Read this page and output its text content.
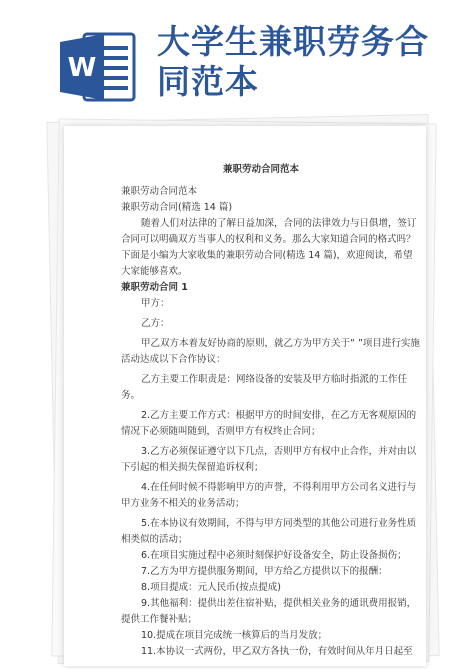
W
大学生兼职劳务合
同范本
兼职劳动合同范本

兼职劳动合同范本

兼职劳动合同(精选 14 篇)

随着人们对法律的了解日益加深，合同的法律效力与日俱增，签订合同可以明确双方当事人的权利和义务。那么大家知道合同的格式吗？下面是小编为大家收集的兼职劳动合同(精选 14 篇)，欢迎阅读，希望大家能够喜欢。

兼职劳动合同 1

甲方：

乙方：

甲乙双方本着友好协商的原则，就乙方为甲方关于“ ”项目进行实施活动达成以下合作协议：

乙方主要工作职责是：网络设备的安装及甲方临时指派的工作任务。

2.乙方主要工作方式：根据甲方的时间安排，在乙方无客观原因的情况下必须随叫随到，否则甲方有权终止合同；

3.乙方必须保证遵守以下几点，否则甲方有权中止合作，并对由以下引起的相关损失保留追诉权利；

4.在任何时候不得影响甲方的声誉，不得利用甲方公司名义进行与甲方业务不相关的业务活动；

5.在本协议有效期间，不得与甲方同类型的其他公司进行业务性质相类似的活动；

6.在项目实施过程中必须时刻保护好设备安全，防止设备损伤；

7.乙方为甲方提供服务期间，甲方给乙方提供以下的报酬：

8.项目提成：元人民币(按点提成)

9.其他福利：提供出差住宿补贴，提供相关业务的通讯费用报销，提供工作餐补贴；

10.提成在项目完成统一核算后的当月发放；

11.本协议一式两份，甲乙双方各执一份，有效时间从年月日起至
